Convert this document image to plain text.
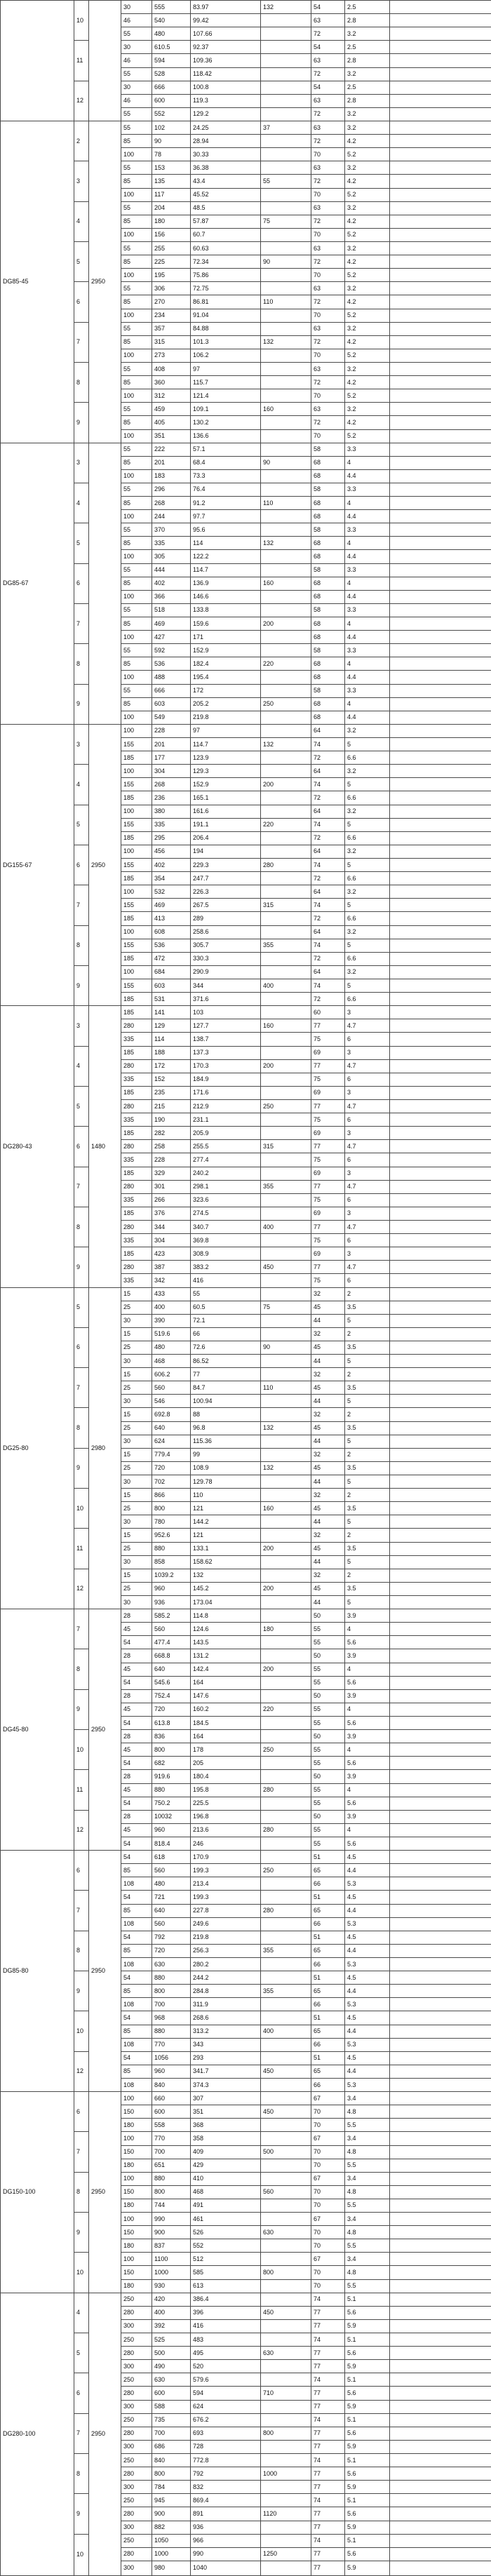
	10		30	555	83.97	132	54	2.5	
			46	540	99.42		63	2.8	
			55	480	107.66		72	3.2	
	11		30	610.5	92.37		54	2.5	
			46	594	109.36		63	2.8	
			55	528	118.42		72	3.2	
	12		30	666	100.8		54	2.5	
			46	600	119.3		63	2.8	
			55	552	129.2		72	3.2	
DG85-45	2	2950	55	102	24.25	37	63	3.2	
			85	90	28.94		72	4.2	
			100	78	30.33		70	5.2	
	3		55	153	36.38		63	3.2	
			85	135	43.4	55	72	4.2	
			100	117	45.52		70	5.2	
	4		55	204	48.5		63	3.2	
			85	180	57.87	75	72	4.2	
			100	156	60.7		70	5.2	
	5		55	255	60.63		63	3.2	
			85	225	72.34	90	72	4.2	
			100	195	75.86		70	5.2	
	6		55	306	72.75		63	3.2	
			85	270	86.81	110	72	4.2	
			100	234	91.04		70	5.2	
	7		55	357	84.88		63	3.2	
			85	315	101.3	132	72	4.2	
			100	273	106.2		70	5.2	
	8		55	408	97		63	3.2	
			85	360	115.7		72	4.2	
			100	312	121.4		70	5.2	
	9		55	459	109.1	160	63	3.2	
			85	405	130.2		72	4.2	
			100	351	136.6		70	5.2	
DG85-67	3		55	222	57.1		58	3.3	
			85	201	68.4	90	68	4	
			100	183	73.3		68	4.4	
	4		55	296	76.4		58	3.3	
			85	268	91.2	110	68	4	
			100	244	97.7		68	4.4	
	5		55	370	95.6		58	3.3	
			85	335	114	132	68	4	
			100	305	122.2		68	4.4	
	6		55	444	114.7		58	3.3	
			85	402	136.9	160	68	4	
			100	366	146.6		68	4.4	
	7		55	518	133.8		58	3.3	
			85	469	159.6	200	68	4	
			100	427	171		68	4.4	
	8		55	592	152.9		58	3.3	
			85	536	182.4	220	68	4	
			100	488	195.4		68	4.4	
	9		55	666	172		58	3.3	
			85	603	205.2	250	68	4	
			100	549	219.8		68	4.4	
DG155-67	3	2950	100	228	97		64	3.2	
			155	201	114.7	132	74	5	
			185	177	123.9		72	6.6	
	4		100	304	129.3		64	3.2	
			155	268	152.9	200	74	5	
			185	236	165.1		72	6.6	
	5		100	380	161.6		64	3.2	
			155	335	191.1	220	74	5	
			185	295	206.4		72	6.6	
	6		100	456	194		64	3.2	
			155	402	229.3	280	74	5	
			185	354	247.7		72	6.6	
	7		100	532	226.3		64	3.2	
			155	469	267.5	315	74	5	
			185	413	289		72	6.6	
	8		100	608	258.6		64	3.2	
			155	536	305.7	355	74	5	
			185	472	330.3		72	6.6	
	9		100	684	290.9		64	3.2	
			155	603	344	400	74	5	
			185	531	371.6		72	6.6	
DG280-43	3	1480	185	141	103		60	3	
			280	129	127.7	160	77	4.7	
			335	114	138.7		75	6	
	4		185	188	137.3		69	3	
			280	172	170.3	200	77	4.7	
			335	152	184.9		75	6	
	5		185	235	171.6		69	3	
			280	215	212.9	250	77	4.7	
			335	190	231.1		75	6	
	6		185	282	205.9		69	3	
			280	258	255.5	315	77	4.7	
			335	228	277.4		75	6	
	7		185	329	240.2		69	3	
			280	301	298.1	355	77	4.7	
			335	266	323.6		75	6	
	8		185	376	274.5		69	3	
			280	344	340.7	400	77	4.7	
			335	304	369.8		75	6	
	9		185	423	308.9		69	3	
			280	387	383.2	450	77	4.7	
			335	342	416		75	6	
DG25-80	5	2980	15	433	55		32	2	
			25	400	60.5	75	45	3.5	
			30	390	72.1		44	5	
	6		15	519.6	66		32	2	
			25	480	72.6	90	45	3.5	
			30	468	86.52		44	5	
	7		15	606.2	77		32	2	
			25	560	84.7	110	45	3.5	
			30	546	100.94		44	5	
	8		15	692.8	88		32	2	
			25	640	96.8	132	45	3.5	
			30	624	115.36		44	5	
	9		15	779.4	99		32	2	
			25	720	108.9	132	45	3.5	
			30	702	129.78		44	5	
	10		15	866	110		32	2	
			25	800	121	160	45	3.5	
			30	780	144.2		44	5	
	11		15	952.6	121		32	2	
			25	880	133.1	200	45	3.5	
			30	858	158.62		44	5	
	12		15	1039.2	132		32	2	
			25	960	145.2	200	45	3.5	
			30	936	173.04		44	5	
DG45-80	7	2950	28	585.2	114.8		50	3.9	
			45	560	124.6	180	55	4	
			54	477.4	143.5		55	5.6	
	8		28	668.8	131.2		50	3.9	
			45	640	142.4	200	55	4	
			54	545.6	164		55	5.6	
	9		28	752.4	147.6		50	3.9	
			45	720	160.2	220	55	4	
			54	613.8	184.5		55	5.6	
	10		28	836	164		50	3.9	
			45	800	178	250	55	4	
			54	682	205		55	5.6	
	11		28	919.6	180.4		50	3.9	
			45	880	195.8	280	55	4	
			54	750.2	225.5		55	5.6	
	12		28	10032	196.8		50	3.9	
			45	960	213.6	280	55	4	
			54	818.4	246		55	5.6	
DG85-80	6	2950	54	618	170.9		51	4.5	
			85	560	199.3	250	65	4.4	
			108	480	213.4		66	5.3	
	7		54	721	199.3		51	4.5	
			85	640	227.8	280	65	4.4	
			108	560	249.6		66	5.3	
	8		54	792	219.8		51	4.5	
			85	720	256.3	355	65	4.4	
			108	630	280.2		66	5.3	
	9		54	880	244.2		51	4.5	
			85	800	284.8	355	65	4.4	
			108	700	311.9		66	5.3	
	10		54	968	268.6		51	4.5	
			85	880	313.2	400	65	4.4	
			108	770	343		66	5.3	
	12		54	1056	293		51	4.5	
			85	960	341.7	450	65	4.4	
			108	840	374.3		66	5.3	
DG150-100	6	2950	100	660	307		67	3.4	
			150	600	351	450	70	4.8	
			180	558	368		70	5.5	
	7		100	770	358		67	3.4	
			150	700	409	500	70	4.8	
			180	651	429		70	5.5	
	8		100	880	410		67	3.4	
			150	800	468	560	70	4.8	
			180	744	491		70	5.5	
	9		100	990	461		67	3.4	
			150	900	526	630	70	4.8	
			180	837	552		70	5.5	
	10		100	1100	512		67	3.4	
			150	1000	585	800	70	4.8	
			180	930	613		70	5.5	
DG280-100	4	2950	250	420	386.4		74	5.1	
			280	400	396	450	77	5.6	
			300	392	416		77	5.9	
	5		250	525	483		74	5.1	
			280	500	495	630	77	5.6	
			300	490	520		77	5.9	
	6		250	630	579.6		74	5.1	
			280	600	594	710	77	5.6	
			300	588	624		77	5.9	
	7		250	735	676.2		74	5.1	
			280	700	693	800	77	5.6	
			300	686	728		77	5.9	
	8		250	840	772.8		74	5.1	
			280	800	792	1000	77	5.6	
			300	784	832		77	5.9	
	9		250	945	869.4		74	5.1	
			280	900	891	1120	77	5.6	
			300	882	936		77	5.9	
	10		250	1050	966		74	5.1	
			280	1000	990	1250	77	5.6	
			300	980	1040		77	5.9	
